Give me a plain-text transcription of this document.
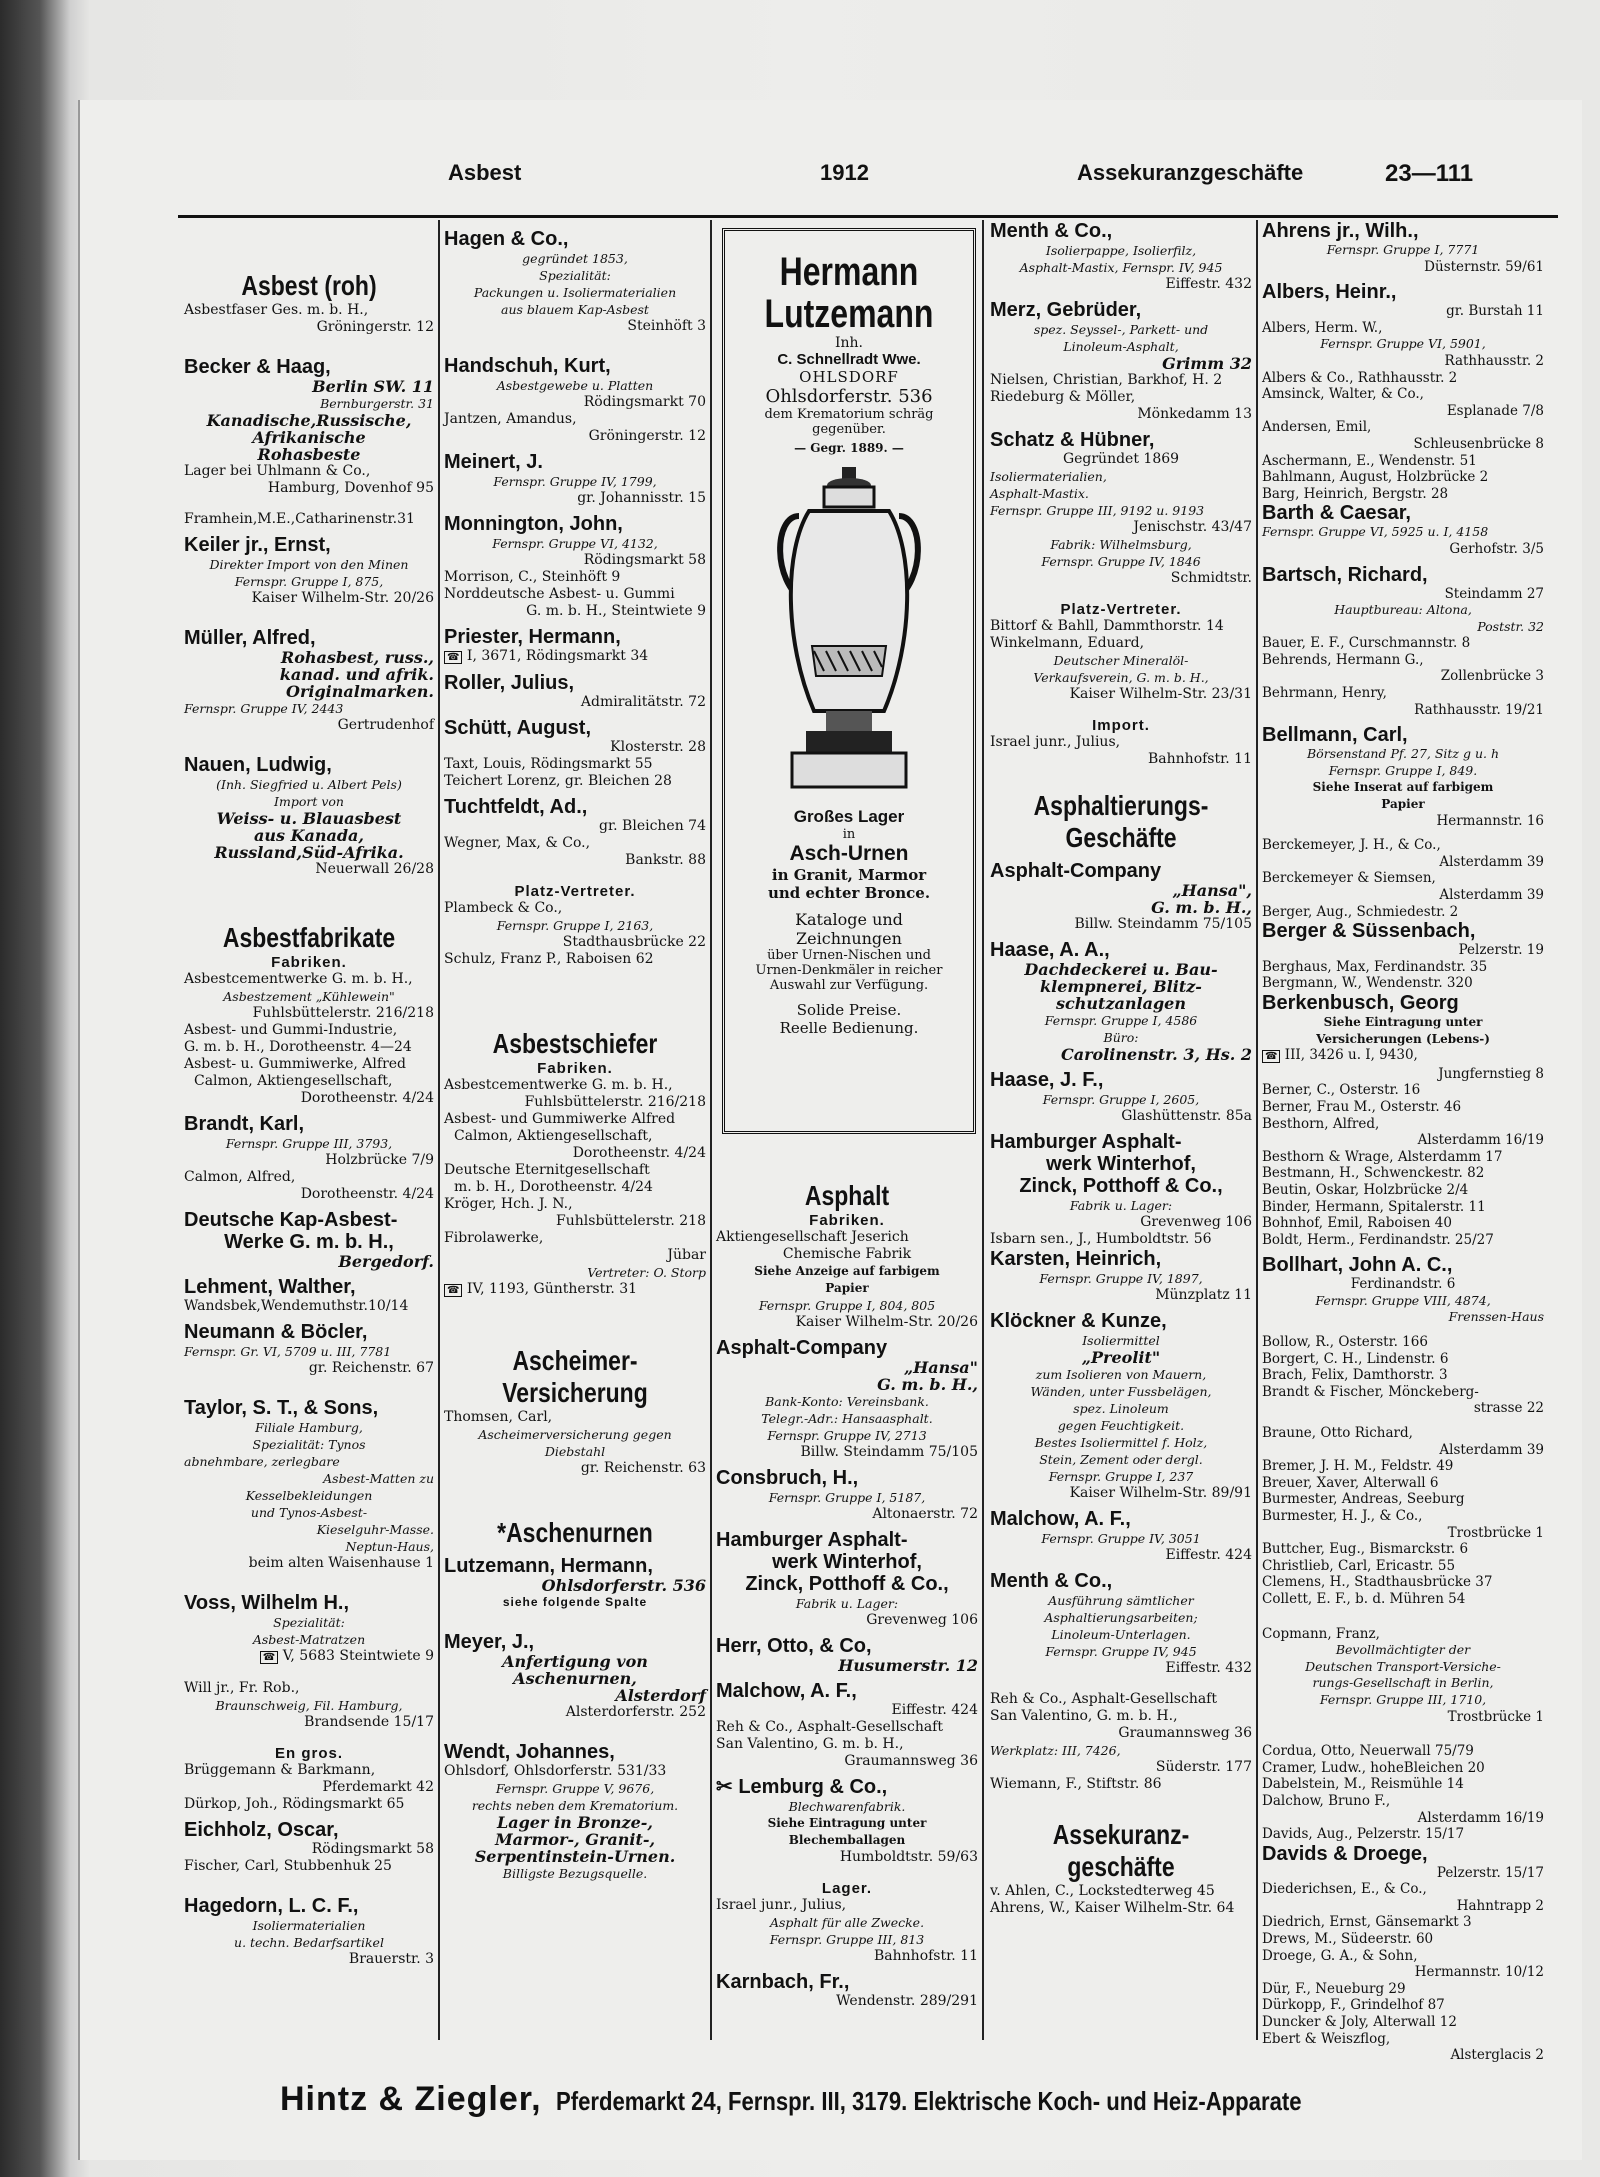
Asbest	1912	Assekuranzgeschäfte	23—111

Asbest (roh)

Asbestfaser Ges. m. b. H.,

Gröningerstr. 12

Becker & Haag,

Berlin SW. 11

Bernburgerstr. 31

Kanadische,Russische,

Afrikanische

Rohasbeste

Lager bei Uhlmann & Co.,

Hamburg, Dovenhof 95

Framhein,M.E.,Catharinenstr.31

Keiler jr., Ernst,

Direkter Import von den Minen

Fernspr. Gruppe I, 875,

Kaiser Wilhelm-Str. 20/26

Müller, Alfred,

Rohasbest, russ.,

kanad. und afrik.

Originalmarken.

Fernspr. Gruppe IV, 2443

Gertrudenhof

Nauen, Ludwig,

(Inh. Siegfried u. Albert Pels)

Import von

Weiss- u. Blauasbest

aus Kanada,

Russland,Süd-Afrika.

Neuerwall 26/28

Asbestfabrikate

Fabriken.

Asbestcementwerke G. m. b. H.,

Asbestzement „Kühlewein"

Fuhlsbüttelerstr. 216/218

Asbest- und Gummi-Industrie,

G. m. b. H., Dorotheenstr. 4—24

Asbest- u. Gummiwerke, Alfred

Calmon, Aktiengesellschaft,

Dorotheenstr. 4/24

Brandt, Karl,

Fernspr. Gruppe III, 3793,

Holzbrücke 7/9

Calmon, Alfred,

Dorotheenstr. 4/24

Deutsche Kap-Asbest-

Werke G. m. b. H.,

Bergedorf.

Lehment, Walther,

Wandsbek,Wendemuthstr.10/14

Neumann & Böcler,

Fernspr. Gr. VI, 5709 u. III, 7781

gr. Reichenstr. 67

Taylor, S. T., & Sons,

Filiale Hamburg,

Spezialität: Tynos

abnehmbare, zerlegbare

Asbest-Matten zu

Kesselbekleidungen

und Tynos-Asbest-

Kieselguhr-Masse.

Neptun-Haus,

beim alten Waisenhause 1

Voss, Wilhelm H.,

Spezialität:

Asbest-Matratzen

☎ V, 5683 Steintwiete 9

Will jr., Fr. Rob.,

Braunschweig, Fil. Hamburg,

Brandsende 15/17

En gros.

Brüggemann & Barkmann,

Pferdemarkt 42

Dürkop, Joh., Rödingsmarkt 65

Eichholz, Oscar,

Rödingsmarkt 58

Fischer, Carl, Stubbenhuk 25

Hagedorn, L. C. F.,

Isoliermaterialien

u. techn. Bedarfsartikel

Brauerstr. 3

Hagen & Co.,

gegründet 1853,

Spezialität:

Packungen u. Isoliermaterialien

aus blauem Kap-Asbest

Steinhöft 3

Handschuh, Kurt,

Asbestgewebe u. Platten

Rödingsmarkt 70

Jantzen, Amandus,

Gröningerstr. 12

Meinert, J.

Fernspr. Gruppe IV, 1799,

gr. Johannisstr. 15

Monnington, John,

Fernspr. Gruppe VI, 4132,

Rödingsmarkt 58

Morrison, C., Steinhöft 9

Norddeutsche Asbest- u. Gummi

G. m. b. H., Steintwiete 9

Priester, Hermann,

☎ I, 3671, Rödingsmarkt 34

Roller, Julius,

Admiralitätstr. 72

Schütt, August,

Klosterstr. 28

Taxt, Louis, Rödingsmarkt 55

Teichert Lorenz, gr. Bleichen 28

Tuchtfeldt, Ad.,

gr. Bleichen 74

Wegner, Max, & Co.,

Bankstr. 88

Platz-Vertreter.

Plambeck & Co.,

Fernspr. Gruppe I, 2163,

Stadthausbrücke 22

Schulz, Franz P., Raboisen 62

Asbestschiefer

Fabriken.

Asbestcementwerke G. m. b. H.,

Fuhlsbüttelerstr. 216/218

Asbest- und Gummiwerke Alfred

Calmon, Aktiengesellschaft,

Dorotheenstr. 4/24

Deutsche Eternitgesellschaft

m. b. H., Dorotheenstr. 4/24

Kröger, Hch. J. N.,

Fuhlsbüttelerstr. 218

Fibrolawerke,

Jübar

Vertreter: O. Storp

☎ IV, 1193, Güntherstr. 31

Ascheimer-
Versicherung

Thomsen, Carl,

Ascheimerversicherung gegen

Diebstahl

gr. Reichenstr. 63

*Aschenurnen

Lutzemann, Hermann,

Ohlsdorferstr. 536

siehe folgende Spalte

Meyer, J.,

Anfertigung von

Aschenurnen,

Alsterdorf

Alsterdorferstr. 252

Wendt, Johannes,

Ohlsdorf, Ohlsdorferstr. 531/33

Fernspr. Gruppe V, 9676,

rechts neben dem Krematorium.

Lager in Bronze-,

Marmor-, Granit-,

Serpentinstein-Urnen.

Billigste Bezugsquelle.

Hermann
Lutzemann
Inh.
C. Schnellradt Wwe.
OHLSDORF
Ohlsdorferstr. 536
dem Krematorium schräg
gegenüber.
— Gegr. 1889. —
Großes Lager
in
Asch-Urnen
in Granit, Marmor
und echter Bronce.
Kataloge und
Zeichnungen
über Urnen-Nischen und
Urnen-Denkmäler in reicher
Auswahl zur Verfügung.
Solide Preise.
Reelle Bedienung.

Asphalt

Fabriken.

Aktiengesellschaft Jeserich

Chemische Fabrik

Siehe Anzeige auf farbigem

Papier

Fernspr. Gruppe I, 804, 805

Kaiser Wilhelm-Str. 20/26

Asphalt-Company

„Hansa"

G. m. b. H.,

Bank-Konto: Vereinsbank.

Telegr.-Adr.: Hansaasphalt.

Fernspr. Gruppe IV, 2713

Billw. Steindamm 75/105

Consbruch, H.,

Fernspr. Gruppe I, 5187,

Altonaerstr. 72

Hamburger Asphalt-

werk Winterhof,

Zinck, Potthoff & Co.,

Fabrik u. Lager:

Grevenweg 106

Herr, Otto, & Co,

Husumerstr. 12

Malchow, A. F.,

Eiffestr. 424

Reh & Co., Asphalt-Gesellschaft

San Valentino, G. m. b. H.,

Graumannsweg 36

✂ Lemburg & Co.,

Blechwarenfabrik.

Siehe Eintragung unter

Blechemballagen

Humboldtstr. 59/63

Lager.

Israel junr., Julius,

Asphalt für alle Zwecke.

Fernspr. Gruppe III, 813

Bahnhofstr. 11

Karnbach, Fr.,

Wendenstr. 289/291

Menth & Co.,

Isolierpappe, Isolierfilz,

Asphalt-Mastix, Fernspr. IV, 945

Eiffestr. 432

Merz, Gebrüder,

spez. Seyssel-, Parkett- und

Linoleum-Asphalt,

Grimm 32

Nielsen, Christian, Barkhof, H. 2

Riedeburg & Möller,

Mönkedamm 13

Schatz & Hübner,

Gegründet 1869

Isoliermaterialien,

Asphalt-Mastix.

Fernspr. Gruppe III, 9192 u. 9193

Jenischstr. 43/47

Fabrik: Wilhelmsburg,

Fernspr. Gruppe IV, 1846

Schmidtstr.

Platz-Vertreter.

Bittorf & Bahll, Dammthorstr. 14

Winkelmann, Eduard,

Deutscher Mineralöl-

Verkaufsverein, G. m. b. H.,

Kaiser Wilhelm-Str. 23/31

Import.

Israel junr., Julius,

Bahnhofstr. 11

Asphaltierungs-
Geschäfte

Asphalt-Company

„Hansa",

G. m. b. H.,

Billw. Steindamm 75/105

Haase, A. A.,

Dachdeckerei u. Bau-

klempnerei, Blitz-

schutzanlagen

Fernspr. Gruppe I, 4586

Büro:

Carolinenstr. 3, Hs. 2

Haase, J. F.,

Fernspr. Gruppe I, 2605,

Glashüttenstr. 85a

Hamburger Asphalt-

werk Winterhof,

Zinck, Potthoff & Co.,

Fabrik u. Lager:

Grevenweg 106

Isbarn sen., J., Humboldtstr. 56

Karsten, Heinrich,

Fernspr. Gruppe IV, 1897,

Münzplatz 11

Klöckner & Kunze,

Isoliermittel

„Preolit"

zum Isolieren von Mauern,

Wänden, unter Fussbelägen,

spez. Linoleum

gegen Feuchtigkeit.

Bestes Isoliermittel f. Holz,

Stein, Zement oder dergl.

Fernspr. Gruppe I, 237

Kaiser Wilhelm-Str. 89/91

Malchow, A. F.,

Fernspr. Gruppe IV, 3051

Eiffestr. 424

Menth & Co.,

Ausführung sämtlicher

Asphaltierungsarbeiten;

Linoleum-Unterlagen.

Fernspr. Gruppe IV, 945

Eiffestr. 432

Reh & Co., Asphalt-Gesellschaft

San Valentino, G. m. b. H.,

Graumannsweg 36

Werkplatz: III, 7426,

Süderstr. 177

Wiemann, F., Stiftstr. 86

Assekuranz-
geschäfte

v. Ahlen, C., Lockstedterweg 45

Ahrens, W., Kaiser Wilhelm-Str. 64

Ahrens jr., Wilh.,

Fernspr. Gruppe I, 7771

Düsternstr. 59/61

Albers, Heinr.,

gr. Burstah 11

Albers, Herm. W.,

Fernspr. Gruppe VI, 5901,

Rathhausstr. 2

Albers & Co., Rathhausstr. 2

Amsinck, Walter, & Co.,

Esplanade 7/8

Andersen, Emil,

Schleusenbrücke 8

Aschermann, E., Wendenstr. 51

Bahlmann, August, Holzbrücke 2

Barg, Heinrich, Bergstr. 28

Barth & Caesar,

Fernspr. Gruppe VI, 5925 u. I, 4158

Gerhofstr. 3/5

Bartsch, Richard,

Steindamm 27

Hauptbureau: Altona,

Poststr. 32

Bauer, E. F., Curschmannstr. 8

Behrends, Hermann G.,

Zollenbrücke 3

Behrmann, Henry,

Rathhausstr. 19/21

Bellmann, Carl,

Börsenstand Pf. 27, Sitz g u. h

Fernspr. Gruppe I, 849.

Siehe Inserat auf farbigem

Papier

Hermannstr. 16

Berckemeyer, J. H., & Co.,

Alsterdamm 39

Berckemeyer & Siemsen,

Alsterdamm 39

Berger, Aug., Schmiedestr. 2

Berger & Süssenbach,

Pelzerstr. 19

Berghaus, Max, Ferdinandstr. 35

Bergmann, W., Wendenstr. 320

Berkenbusch, Georg

Siehe Eintragung unter

Versicherungen (Lebens-)

☎ III, 3426 u. I, 9430,

Jungfernstieg 8

Berner, C., Osterstr. 16

Berner, Frau M., Osterstr. 46

Besthorn, Alfred,

Alsterdamm 16/19

Besthorn & Wrage, Alsterdamm 17

Bestmann, H., Schwenckestr. 82

Beutin, Oskar, Holzbrücke 2/4

Binder, Hermann, Spitalerstr. 11

Bohnhof, Emil, Raboisen 40

Boldt, Herm., Ferdinandstr. 25/27

Bollhart, John A. C.,

Ferdinandstr. 6

Fernspr. Gruppe VIII, 4874,

Frenssen-Haus

Bollow, R., Osterstr. 166

Borgert, C. H., Lindenstr. 6

Brach, Felix, Damthorstr. 3

Brandt & Fischer, Mönckeberg-

strasse 22

Braune, Otto Richard,

Alsterdamm 39

Bremer, J. H. M., Feldstr. 49

Breuer, Xaver, Alterwall 6

Burmester, Andreas, Seeburg

Burmester, H. J., & Co.,

Trostbrücke 1

Buttcher, Eug., Bismarckstr. 6

Christlieb, Carl, Ericastr. 55

Clemens, H., Stadthausbrücke 37

Collett, E. F., b. d. Mühren 54

Copmann, Franz,

Bevollmächtigter der

Deutschen Transport-Versiche-

rungs-Gesellschaft in Berlin,

Fernspr. Gruppe III, 1710,

Trostbrücke 1

Cordua, Otto, Neuerwall 75/79

Cramer, Ludw., hoheBleichen 20

Dabelstein, M., Reismühle 14

Dalchow, Bruno F.,

Alsterdamm 16/19

Davids, Aug., Pelzerstr. 15/17

Davids & Droege,

Pelzerstr. 15/17

Diederichsen, E., & Co.,

Hahntrapp 2

Diedrich, Ernst, Gänsemarkt 3

Drews, M., Südeerstr. 60

Droege, G. A., & Sohn,

Hermannstr. 10/12

Dür, F., Neueburg 29

Dürkopp, F., Grindelhof 87

Duncker & Joly, Alterwall 12

Ebert & Weiszflog,

Alsterglacis 2

Hintz & Ziegler, Pferdemarkt 24, Fernspr. III, 3179. Elektrische Koch- und Heiz-Apparate
